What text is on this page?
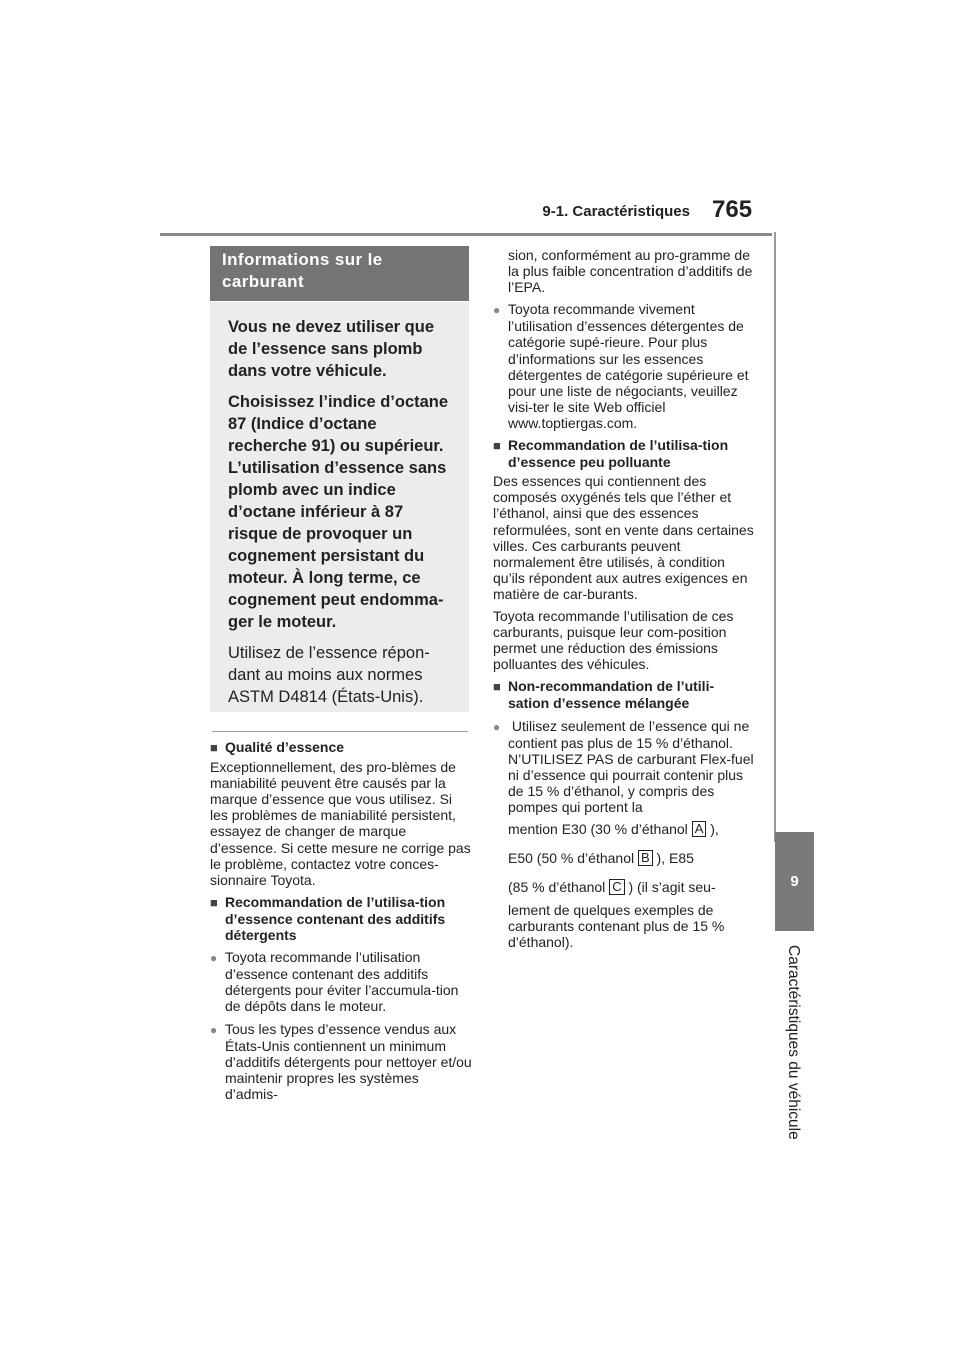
9-1. Caractéristiques 765
9
Caractéristiques du véhicule
Informations sur le
carburant

Vous ne devez utiliser que de l’essence sans plomb dans votre véhicule.

Choisissez l’indice d’octane 87 (Indice d’octane recherche 91) ou supérieur. L’utilisation d’essence sans plomb avec un indice d’octane inférieur à 87 risque de provoquer un cognement persistant du moteur. À long terme, ce cognement peut endomma-ger le moteur.

Utilisez de l’essence répon-dant au moins aux normes ASTM D4814 (États-Unis).

■ Qualité d’essence

Exceptionnellement, des pro-blèmes de maniabilité peuvent être causés par la marque d’essence que vous utilisez. Si les problèmes de maniabilité persistent, essayez de changer de marque d’essence. Si cette mesure ne corrige pas le problème, contactez votre conces-sionnaire Toyota.

■ Recommandation de l’utilisa-tion d’essence contenant des additifs détergents

● Toyota recommande l’utilisation d’essence contenant des additifs détergents pour éviter l’accumula-tion de dépôts dans le moteur.

● Tous les types d’essence vendus aux États-Unis contiennent un minimum d’additifs détergents pour nettoyer et/ou maintenir propres les systèmes d’admis-

sion, conformément au pro-gramme de la plus faible concentration d’additifs de l’EPA.

● Toyota recommande vivement l’utilisation d’essences détergentes de catégorie supé-rieure. Pour plus d’informations sur les essences détergentes de catégorie supérieure et pour une liste de négociants, veuillez visi-ter le site Web officiel www.toptiergas.com.

■ Recommandation de l’utilisa-tion d’essence peu polluante

Des essences qui contiennent des composés oxygénés tels que l’éther et l’éthanol, ainsi que des essences reformulées, sont en vente dans certaines villes. Ces carburants peuvent normalement être utilisés, à condition qu’ils répondent aux autres exigences en matière de car-burants.

Toyota recommande l’utilisation de ces carburants, puisque leur com-position permet une réduction des émissions polluantes des véhicules.

■ Non-recommandation de l’utili-sation d’essence mélangée

● Utilisez seulement de l’essence qui ne contient pas plus de 15 % d’éthanol.

N’UTILISEZ PAS de carburant Flex-fuel ni d’essence qui pourrait contenir plus de 15 % d’éthanol, y compris des pompes qui portent la

mention E30 (30 % d’éthanol A ),

E50 (50 % d’éthanol B ), E85

(85 % d’éthanol C ) (il s’agit seu-

lement de quelques exemples de carburants contenant plus de 15 % d’éthanol).
